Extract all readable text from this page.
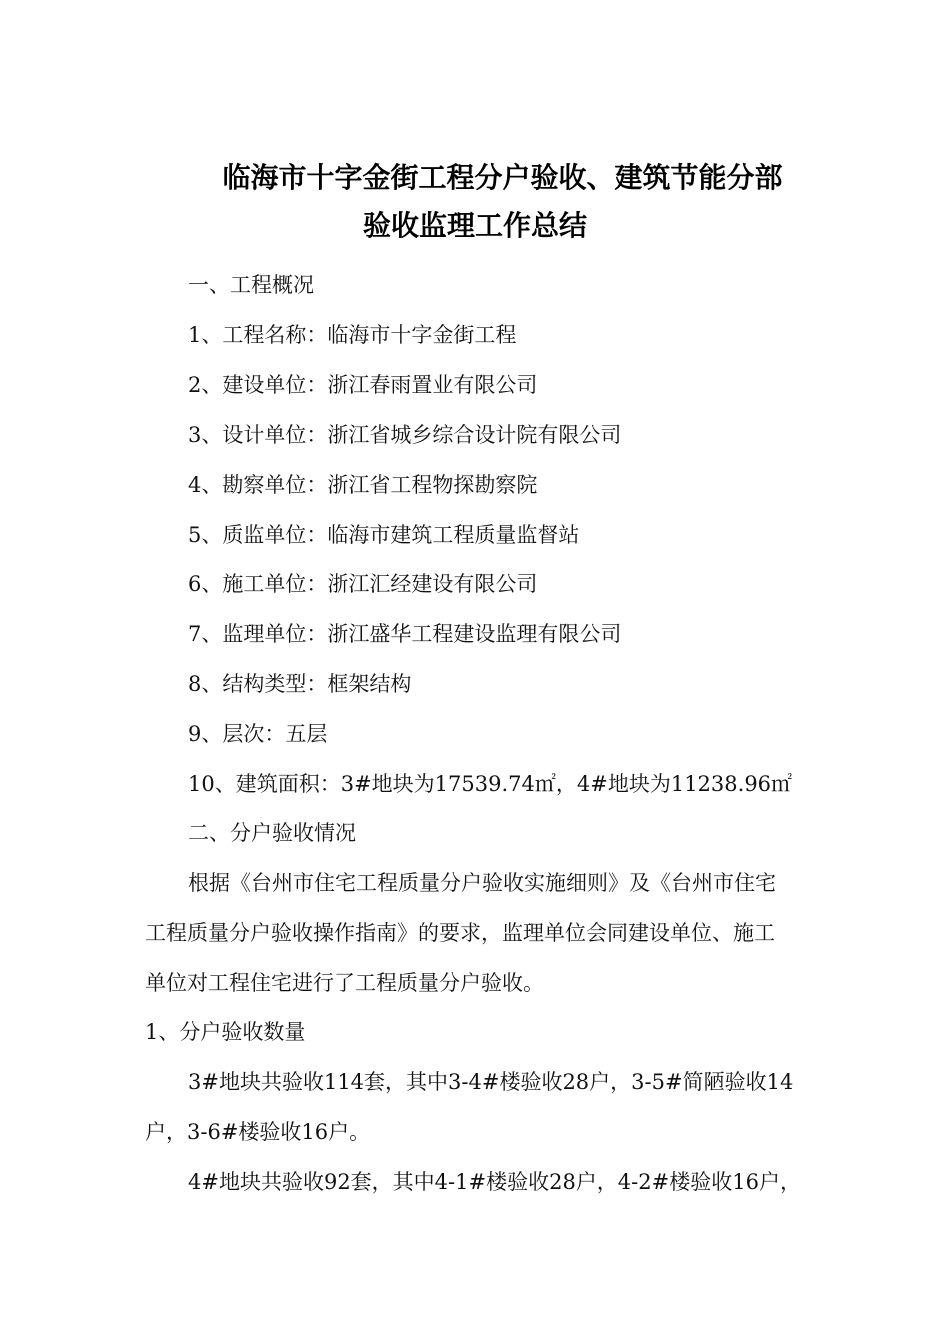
临海市十字金街工程分户验收、建筑节能分部
验收监理工作总结
一、工程概况
1、工程名称：临海市十字金街工程
2、建设单位：浙江春雨置业有限公司
3、设计单位：浙江省城乡综合设计院有限公司
4、勘察单位：浙江省工程物探勘察院
5、质监单位：临海市建筑工程质量监督站
6、施工单位：浙江汇经建设有限公司
7、监理单位：浙江盛华工程建设监理有限公司
8、结构类型：框架结构
9、层次：五层
10、建筑面积：3#地块为17539.74㎡，4#地块为11238.96㎡
二、分户验收情况
根据《台州市住宅工程质量分户验收实施细则》及《台州市住宅
工程质量分户验收操作指南》的要求，监理单位会同建设单位、施工
单位对工程住宅进行了工程质量分户验收。
1、分户验收数量
3#地块共验收114套，其中3-4#楼验收28户，3-5#简陋验收14
户，3-6#楼验收16户。
4#地块共验收92套，其中4-1#楼验收28户，4-2#楼验收16户，
